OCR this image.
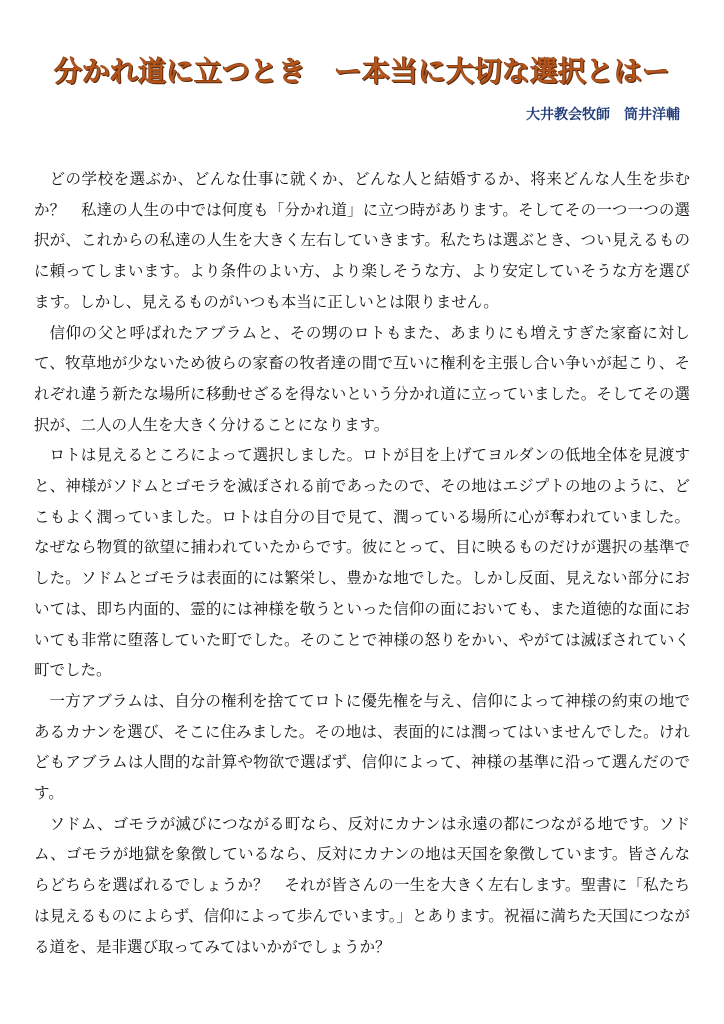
分かれ道に立つとき　ー本当に大切な選択とはー
大井教会牧師　筒井洋輔

どの学校を選ぶか、どんな仕事に就くか、どんな人と結婚するか、将来どんな人生を歩むか？　私達の人生の中では何度も「分かれ道」に立つ時があります。そしてその一つ一つの選択が、これからの私達の人生を大きく左右していきます。私たちは選ぶとき、つい見えるものに頼ってしまいます。より条件のよい方、より楽しそうな方、より安定していそうな方を選びます。しかし、見えるものがいつも本当に正しいとは限りません。

信仰の父と呼ばれたアブラムと、その甥のロトもまた、あまりにも増えすぎた家畜に対して、牧草地が少ないため彼らの家畜の牧者達の間で互いに権利を主張し合い争いが起こり、それぞれ違う新たな場所に移動せざるを得ないという分かれ道に立っていました。そしてその選択が、二人の人生を大きく分けることになります。

ロトは見えるところによって選択しました。ロトが目を上げてヨルダンの低地全体を見渡すと、神様がソドムとゴモラを滅ぼされる前であったので、その地はエジプトの地のように、どこもよく潤っていました。ロトは自分の目で見て、潤っている場所に心が奪われていました。なぜなら物質的欲望に捕われていたからです。彼にとって、目に映るものだけが選択の基準でした。ソドムとゴモラは表面的には繁栄し、豊かな地でした。しかし反面、見えない部分においては、即ち内面的、霊的には神様を敬うといった信仰の面においても、また道徳的な面においても非常に堕落していた町でした。そのことで神様の怒りをかい、やがては滅ぼされていく町でした。

一方アブラムは、自分の権利を捨ててロトに優先権を与え、信仰によって神様の約束の地であるカナンを選び、そこに住みました。その地は、表面的には潤ってはいませんでした。けれどもアブラムは人間的な計算や物欲で選ばず、信仰によって、神様の基準に沿って選んだのです。

ソドム、ゴモラが滅びにつながる町なら、反対にカナンは永遠の都につながる地です。ソドム、ゴモラが地獄を象徴しているなら、反対にカナンの地は天国を象徴しています。皆さんならどちらを選ばれるでしょうか？　それが皆さんの一生を大きく左右します。聖書に「私たちは見えるものによらず、信仰によって歩んでいます。」とあります。祝福に満ちた天国につながる道を、是非選び取ってみてはいかがでしょうか？
